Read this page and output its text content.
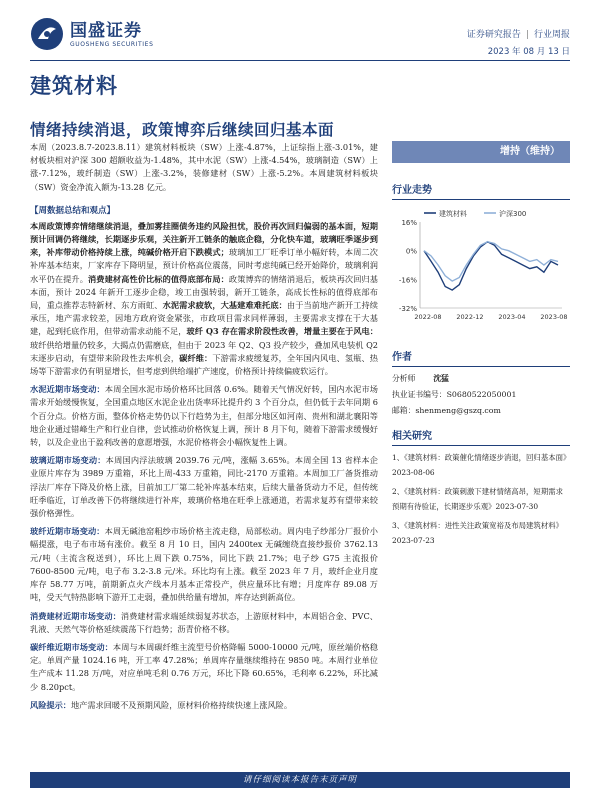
国盛证券
GUOSHENG SECURITIES
证券研究报告 | 行业周报
2023 年 08 月 13 日
建筑材料
情绪持续消退，政策博弈后继续回归基本面

本周（2023.8.7-2023.8.11）建筑材料板块（SW）上涨-4.87%，上证综指上涨-3.01%，建材板块相对沪深 300 超额收益为-1.48%，其中水泥（SW）上涨-4.54%，玻璃制造（SW）上涨-7.12%，玻纤制造（SW）上涨-3.2%，装修建材（SW）上涨-5.2%。本周建筑材料板块（SW）资金净流入额为-13.28 亿元。

【周数据总结和观点】

本周政策博弈情绪继续消退，叠加雾挂圈债务违约风险担忧，股价再次回归偏弱的基本面，短期预计回调仍将继续，长期逐步乐观，关注新开工链条的触底企稳，分化快车道，玻璃旺季逐步到来，补库带动价格持续上涨，纯碱价格开启下跌模式；玻璃加工厂旺季订单小幅好转，本周二次补库基本结束，厂家库存下降明显，预计价格高位震荡，同时考虑纯碱已经开始降价，玻璃利润水平仍在提升。消费建材高性价比标的值得底部布局：政策博弈的情绪消退后，板块再次回归基本面，预计 2024 年新开工逐步企稳，竣工由强转弱，新开工链条，高成长性标的值得底部布局，重点推荐志特新材、东方雨虹、水泥需求疲软，大基建难难托底：由于当前地产新开工持续承压，地产需求较差，因地方政府资金紧张，市政项目需求同样薄弱，主要需求支撑在于大基建，起到托底作用，但带动需求动能不足，玻纤 Q3 存在需求阶段性改善，增量主要在于风电：玻纤供给增量仍较多，大揭点仍需磨底，但由于 2023 年 Q2、Q3 投产较少，叠加风电装机 Q2 末逐步启动，有望带来阶段性去库机会，碳纤维：下游需求疲缓复苏，全年国内风电、氢瓶、热场等下游需求仍有明显增长，但考虑到供给端扩产速度，价格预计持续偏疲软运行。

水泥近期市场变动：本周全国水泥市场价格环比回落 0.6%。随着天气情况好转，国内水泥市场需求开始缓慢恢复，全国重点地区水泥企业出货率环比提升约 3 个百分点，但仍低于去年同期 6 个百分点。价格方面，整体价格走势仍以下行趋势为主，但部分地区如河南、贵州和湖北襄阳等地企业通过错峰生产和行业自律，尝试推动价格恢复上调，预计 8 月下旬，随着下游需求缓慢好转，以及企业出于盈利改善的意愿增强，水泥价格将会小幅恢复性上调。

玻璃近期市场变动：本周国内浮法玻璃 2039.76 元/吨，涨幅 3.65%。本周全国 13 省样本企业原片库存为 3989 万重箱，环比上周-433 万重箱，同比-2170 万重箱。本周加工厂备货推动浮法厂库存下降及价格上涨，目前加工厂第二轮补库基本结束，后续大量备货动力不足，但传统旺季临近，订单改善下仍将继续进行补库，玻璃价格地在旺季上涨通道，若需求复苏有望带来较强价格弹性。

玻纤近期市场变动：本周无碱池窑粗纱市场价格主流走稳，局部松动。周内电子纱部分厂报价小幅提涨，电子布市场有涨价。截至 8 月 10 日，国内 2400tex 无碱缠绕直接纱报价 3762.13 元/吨（主流含税送到），环比上周下跌 0.75%，同比下跌 21.7%；电子纱 G75 主流报价 7600-8500 元/吨，电子布 3.2-3.8 元/米。环比均有上涨。截至 2023 年 7 月，玻纤企业月度库存 58.77 万吨，前期新点火产线本月基本正常投产，供应量环比有增；月度库存 89.08 万吨，受天气特热影响下游开工走弱，叠加供给量有增加，库存达到新高位。

消费建材近期市场变动：消费建材需求端延续弱复苏状态，上游原材料中，本周铝合金、PVC、乳液、天然气等价格延续震荡下行趋势；沥青价格不移。

碳纤维近期市场变动：本周与本周碳纤维主流型号价格降幅 5000-10000 元/吨，原丝端价格稳定。单周产量 1024.16 吨，开工率 47.28%；单周库存量继续维持在 9850 吨。本周行业单位生产成本 11.28 万/吨，对应单吨毛利 0.76 万元，环比下降 60.65%，毛利率 6.22%，环比减少 8.20pct。

风险提示：地产需求回暖不及预期风险，原材料价格持续快速上涨风险。

增持（维持）
行业走势
16%
0%
-16%
-32%
2022-08 2022-12 2023-04 2023-08
建筑材料	沪深300
作者
分析师 沈猛
执业证书编号：S0680522050001
邮箱：shenmeng@gszq.com
相关研究
1、《建筑材料：政策催化情绪逐步消退，回归基本面》2023-08-06
2、《建筑材料：政策刺激下建材情绪高昂，短期需求预期有待验证，长期逐步乐观》2023-07-30
3、《建筑材料：进性关注政策宽裕及布局建筑材料》2023-07-23
请仔细阅读本报告末页声明
